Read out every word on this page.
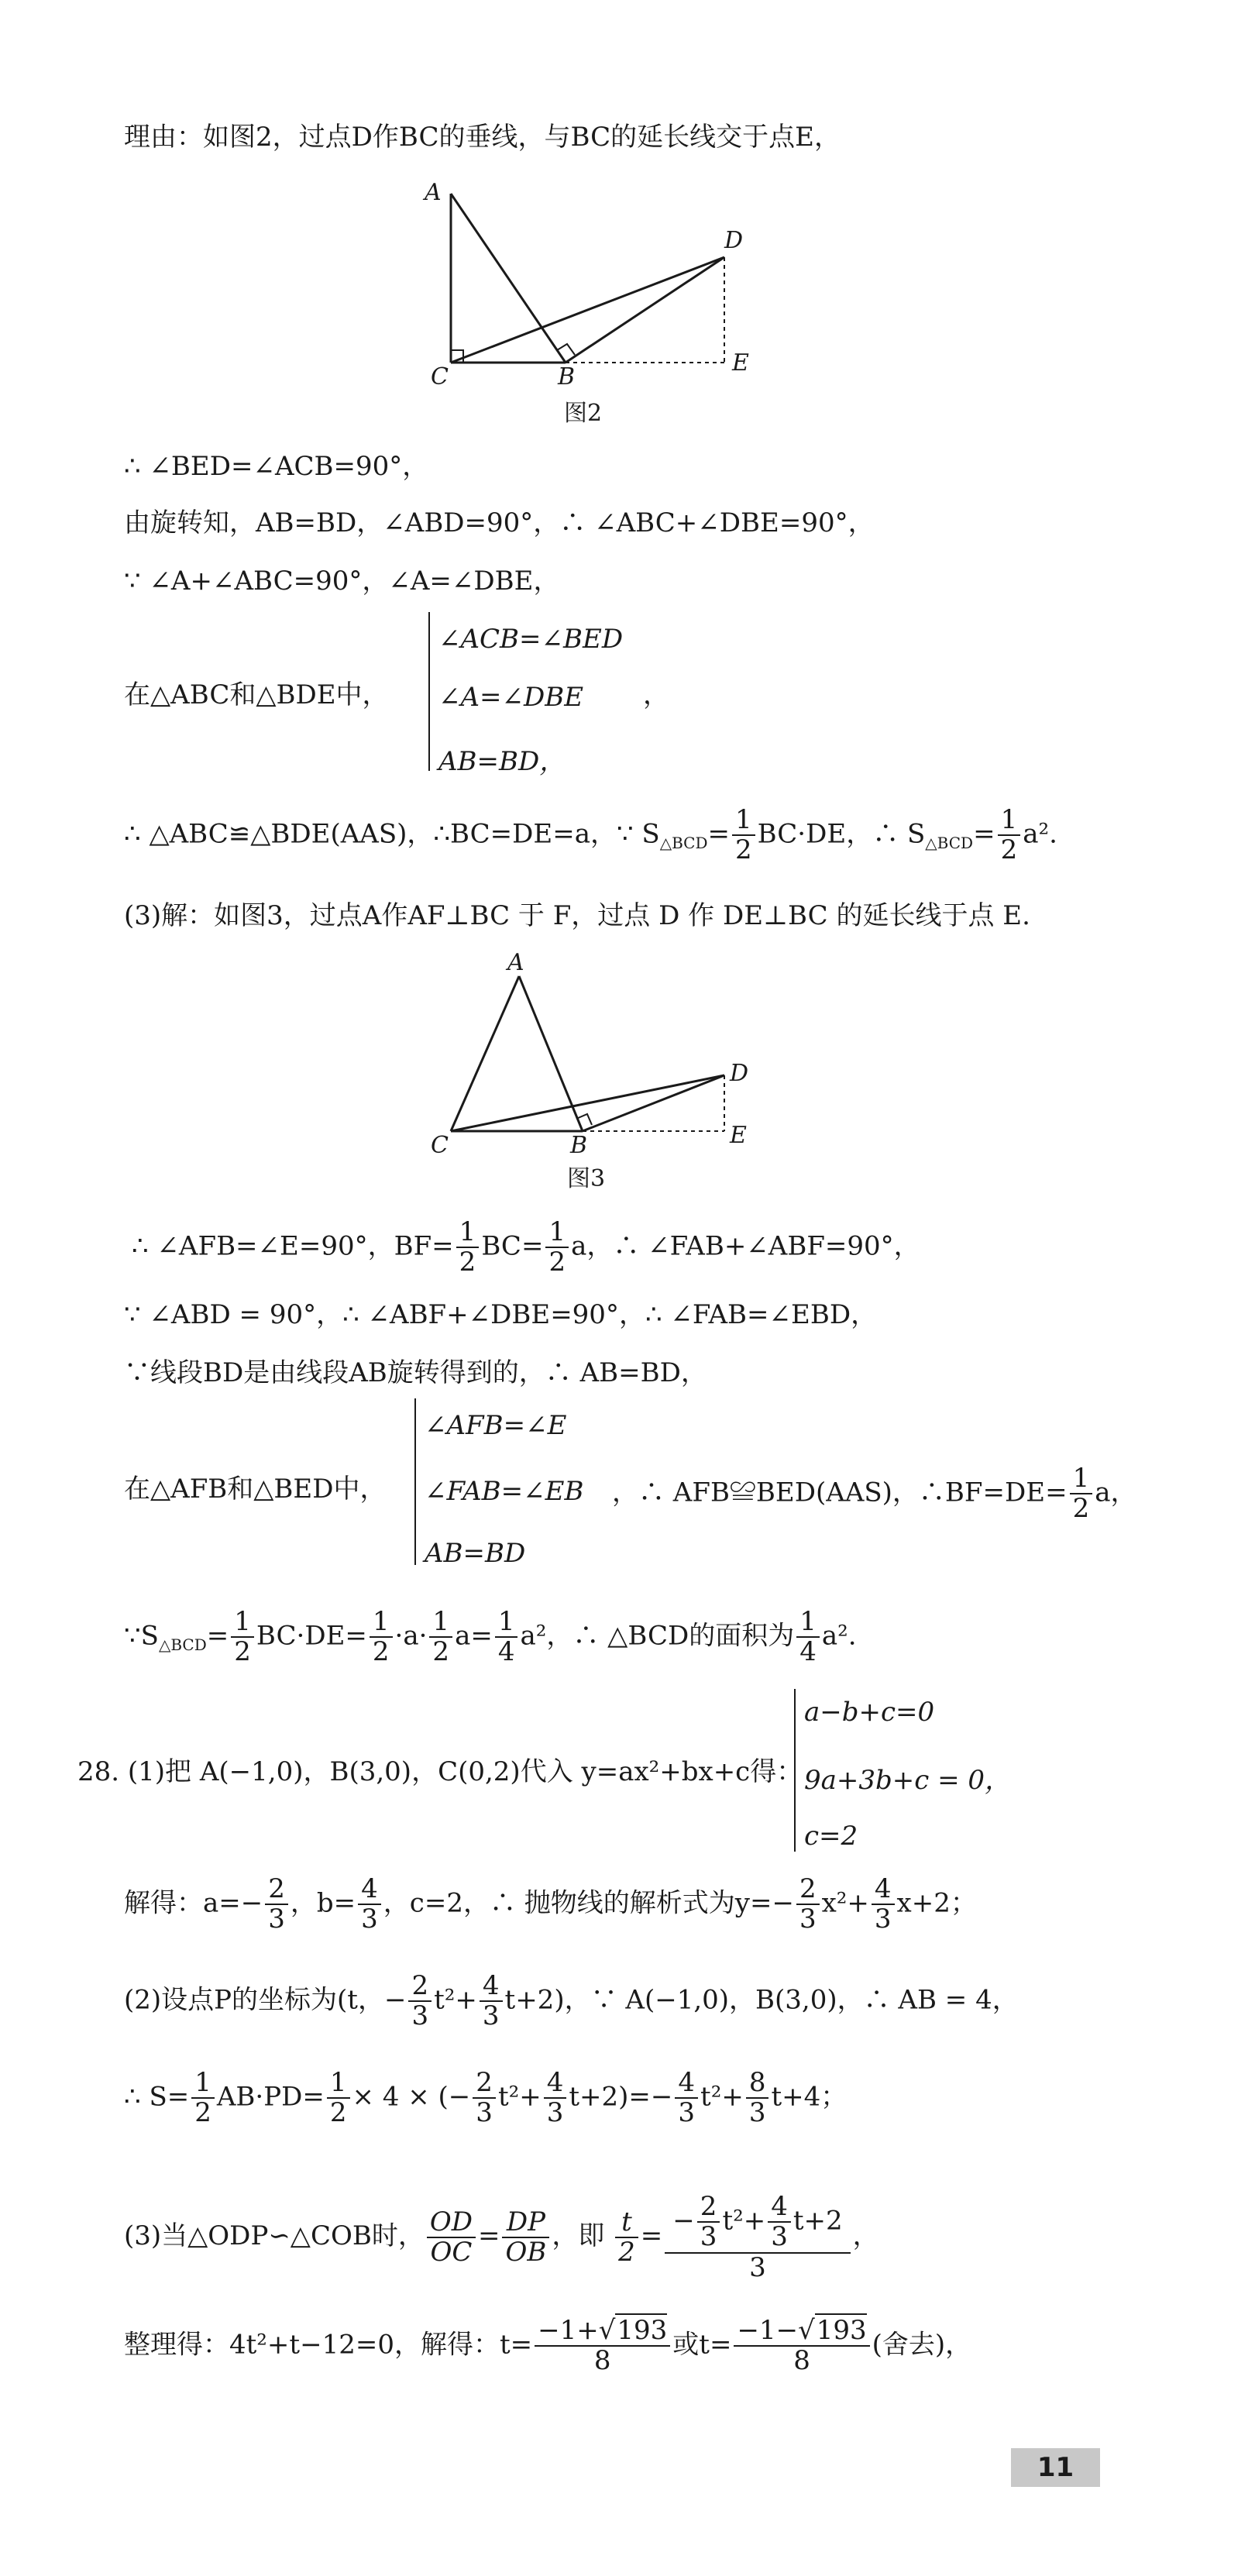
理由：如图2，过点D作BC的垂线，与BC的延长线交于点E，
A
C	B
D
E
图2
∴ ∠BED=∠ACB=90°，
由旋转知，AB=BD，∠ABD=90°，∴ ∠ABC+∠DBE=90°，
∵ ∠A+∠ABC=90°，∠A=∠DBE，
在△ABC和△BDE中，
∠ACB=∠BED
∠A=∠DBE
AB=BD，
，
∴ △ABC≌△BDE(AAS)，∴BC=DE=a，∵ $S_{\triangle BCD}= \frac{1}{2} BC\cdot DE$，∴ $S_{\triangle BCD}= \frac{1}{2} a^2$.
(3)解：如图3，过点A作AF⊥BC 于 F，过点 D 作 DE⊥BC 的延长线于点 E.
A
C	B
D
E
图3
∴ ∠AFB=∠E=90°，$BF= \frac{1}{2} BC= \frac{1}{2}$ a，∴ ∠FAB+∠ABF=90°，
∵ ∠ABD = 90°，∴ ∠ABF+∠DBE=90°，∴ ∠FAB=∠EBD，
∵线段BD是由线段AB旋转得到的，∴ AB=BD，
在△AFB和△BED中，
∠AFB=∠E
∠FAB=∠EB
AB=BD
，∴ AFB≌BED(AAS)，∴BF=DE= $\frac{1}{2}$ a，
$\because S_{\triangle BCD}= \frac{1}{2} BC\cdot DE= \frac{1}{2} \cdot a\cdot \frac{1}{2} a= \frac{1}{4} a^2$，∴ △BCD的面积为 $\frac{1}{4} a^2$.
28. (1)把 A(−1,0)，B(3,0)，C(0,2)代入 y=ax²+bx+c得：
a−b+c=0
9a+3b+c = 0，
c=2
解得：$a=- \frac{2}{3}$ ，$b= \frac{4}{3}$ ，c=2，∴ 抛物线的解析式为$y=- \frac{2}{3} x^2+ \frac{4}{3} x+2$；
(2)设点P的坐标为(t，− $\frac{2}{3} t^2+ \frac{4}{3} t+2$)，∵ A(−1,0)，B(3,0)，∴ AB = 4，
∴ $S= \frac{1}{2} AB\cdot PD= \frac{1}{2} \times 4$ × (− $\frac{2}{3} t^2+ \frac{4}{3} t+2)=- \frac{4}{3} t^2+ \frac{8}{3} t+4$；
(3)当△ODP∽△COB时， $\frac{OD}{OC} = \frac{DP}{OB}$ ，即 $\frac{t}{2} = \frac{- \frac{2}{3} t^2+ \frac{4}{3} t+2}{3}$ ，
整理得：4t²+t−12=0，解得：$t= \frac{-1+√193}{8}$ 或$t= \frac{-1-√193}{8}$ (舍去)，
11
